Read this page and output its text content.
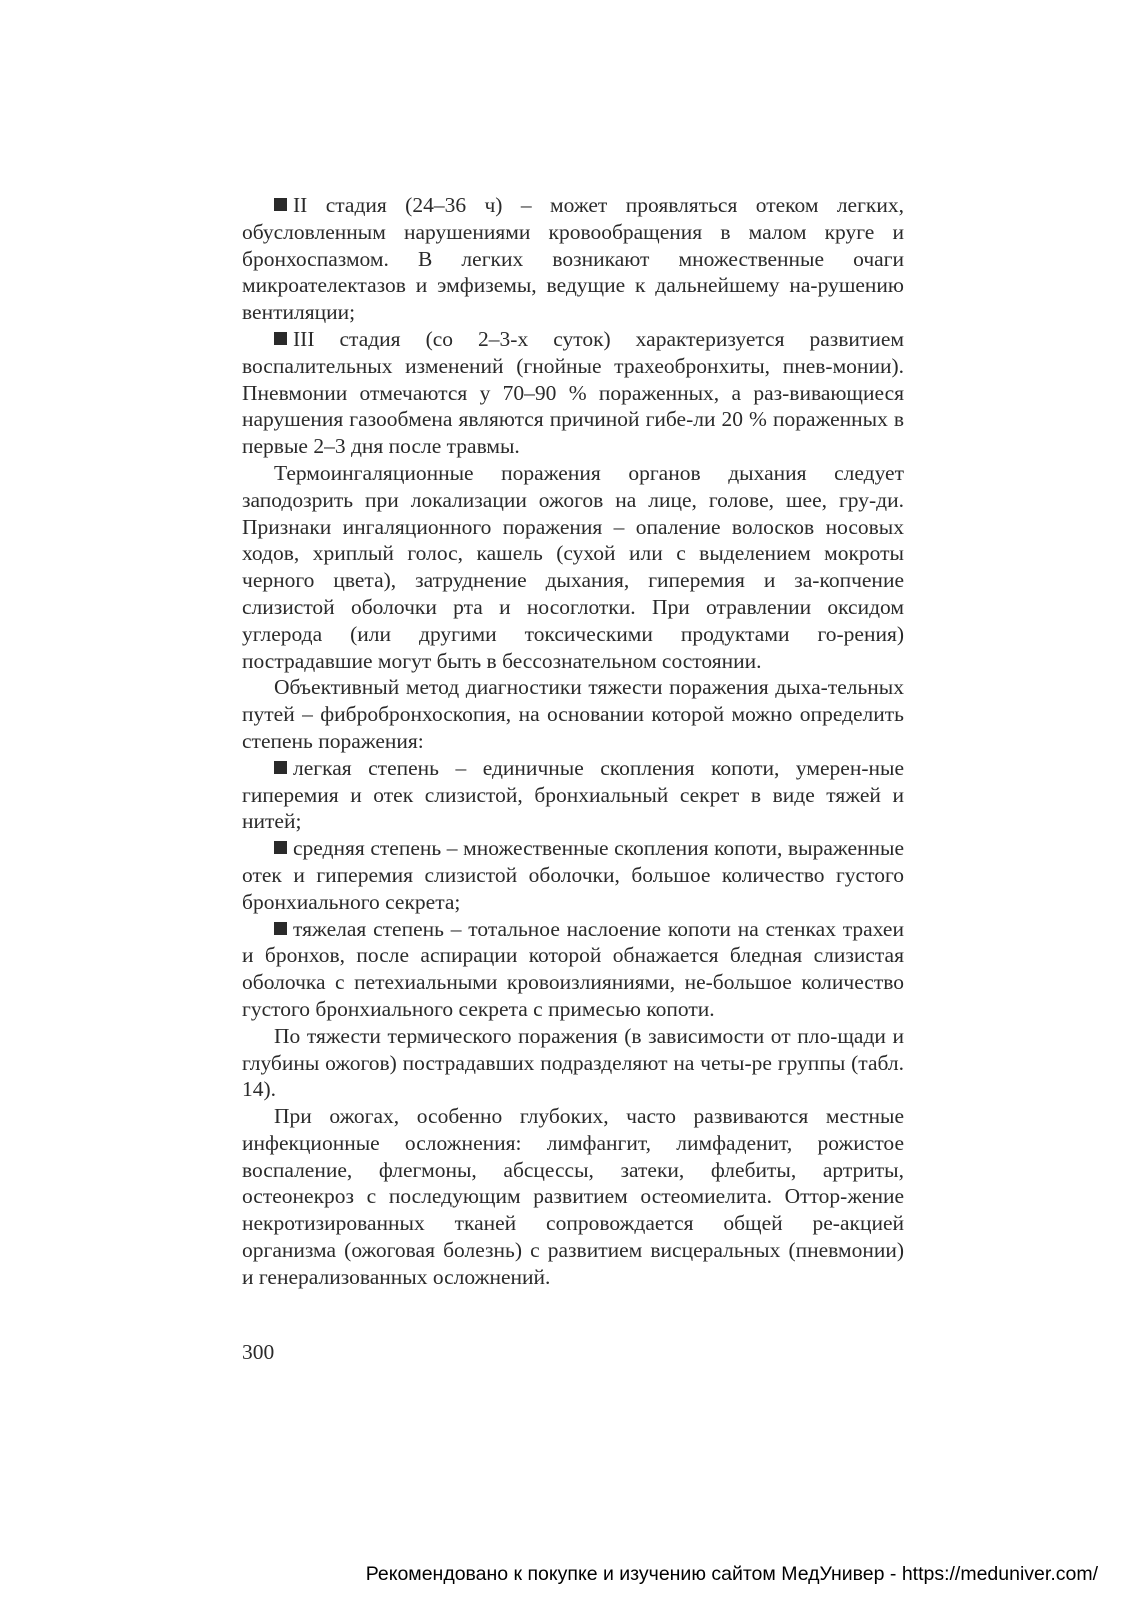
II стадия (24–36 ч) – может проявляться отеком легких, обусловленным нарушениями кровообращения в малом круге и бронхоспазмом. В легких возникают множественные очаги микроателектазов и эмфиземы, ведущие к дальнейшему на-рушению вентиляции;

III стадия (со 2–3-х суток) характеризуется развитием воспалительных изменений (гнойные трахеобронхиты, пнев-монии). Пневмонии отмечаются у 70–90 % пораженных, а раз-вивающиеся нарушения газообмена являются причиной гибе-ли 20 % пораженных в первые 2–3 дня после травмы.

Термоингаляционные поражения органов дыхания следует заподозрить при локализации ожогов на лице, голове, шее, гру-ди. Признаки ингаляционного поражения – опаление волосков носовых ходов, хриплый голос, кашель (сухой или с выделением мокроты черного цвета), затруднение дыхания, гиперемия и за-копчение слизистой оболочки рта и носоглотки. При отравлении оксидом углерода (или другими токсическими продуктами го-рения) пострадавшие могут быть в бессознательном состоянии.

Объективный метод диагностики тяжести поражения дыха-тельных путей – фибробронхоскопия, на основании которой можно определить степень поражения:

легкая степень – единичные скопления копоти, умерен-ные гиперемия и отек слизистой, бронхиальный секрет в виде тяжей и нитей;

средняя степень – множественные скопления копоти, выраженные отек и гиперемия слизистой оболочки, большое количество густого бронхиального секрета;

тяжелая степень – тотальное наслоение копоти на стенках трахеи и бронхов, после аспирации которой обнажается бледная слизистая оболочка с петехиальными кровоизлияниями, не-большое количество густого бронхиального секрета с примесью копоти.

По тяжести термического поражения (в зависимости от пло-щади и глубины ожогов) пострадавших подразделяют на четы-ре группы (табл. 14).

При ожогах, особенно глубоких, часто развиваются местные инфекционные осложнения: лимфангит, лимфаденит, рожистое воспаление, флегмоны, абсцессы, затеки, флебиты, артриты, остеонекроз с последующим развитием остеомиелита. Оттор-жение некротизированных тканей сопровождается общей ре-акцией организма (ожоговая болезнь) с развитием висцеральных (пневмонии) и генерализованных осложнений.

300
Рекомендовано к покупке и изучению сайтом МедУнивер - https://meduniver.com/
